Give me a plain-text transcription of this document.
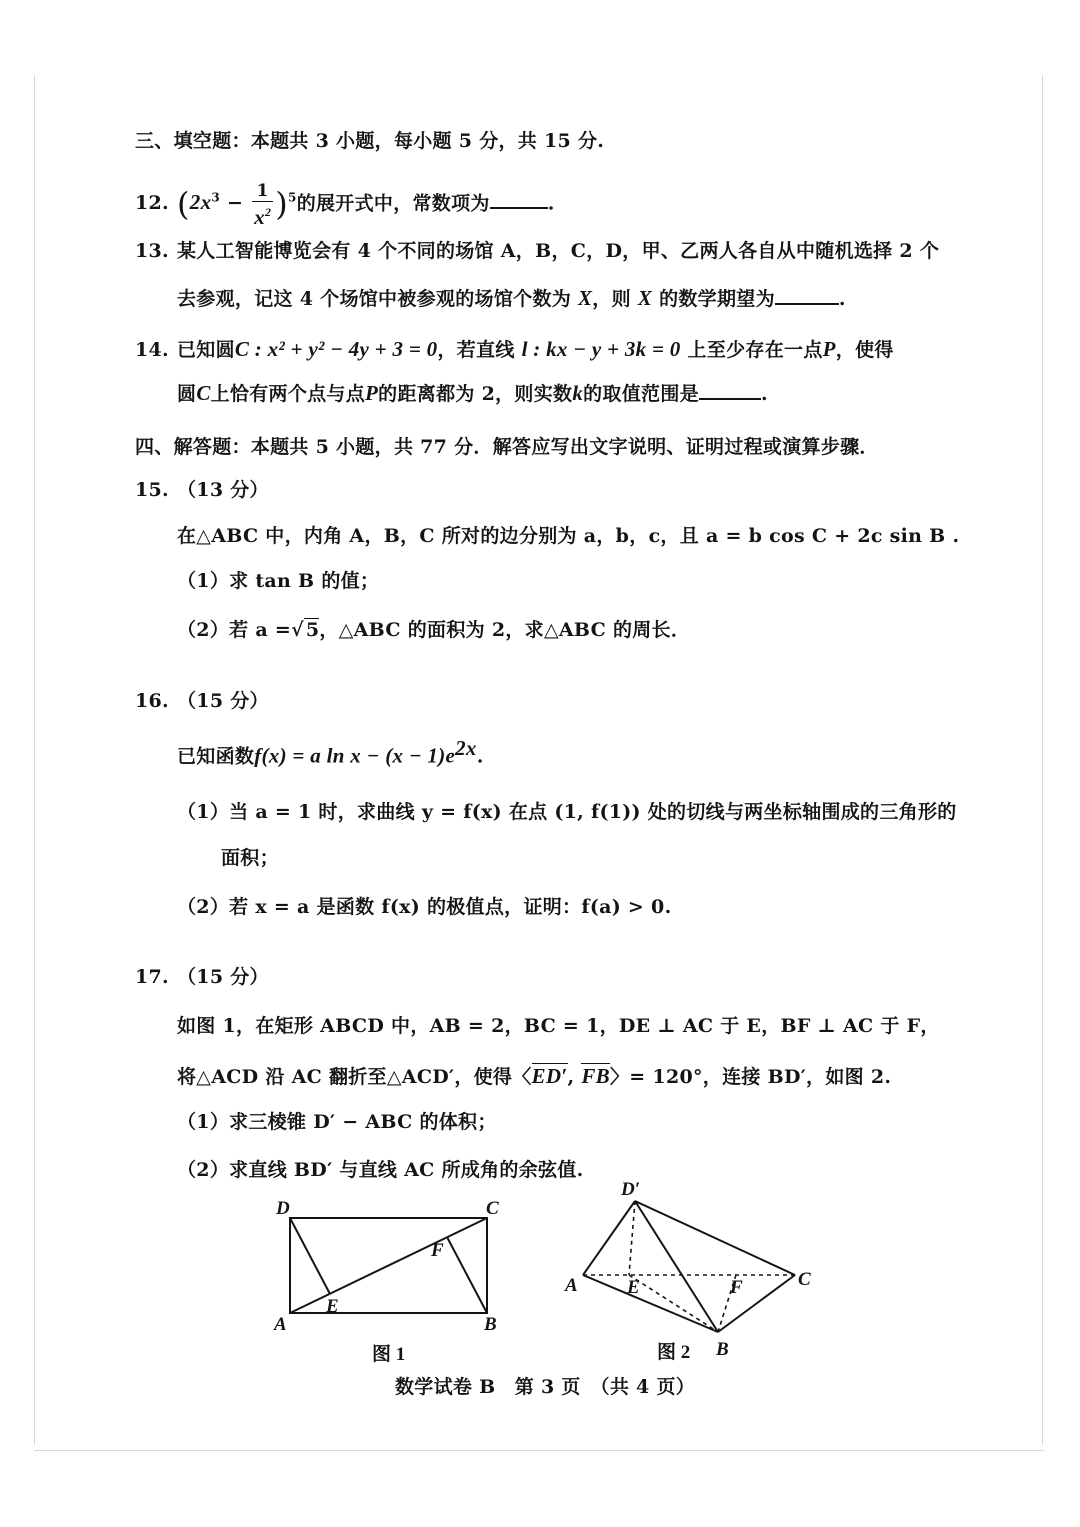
三、填空题：本题共 3 小题，每小题 5 分，共 15 分.
12. $(2x^3 - \frac{1}{x^2} )^5$的展开式中，常数项为	.
13. 某人工智能博览会有 4 个不同的场馆 A，B，C，D，甲、乙两人各自从中随机选择 2 个
去参观，记这 4 个场馆中被参观的场馆个数为 X，则 X 的数学期望为	.
14. 已知圆C : x² + y² − 4y + 3 = 0，若直线 l : kx − y + 3k = 0 上至少存在一点P，使得
圆C上恰有两个点与点P的距离都为 2，则实数k的取值范围是	.
四、解答题：本题共 5 小题，共 77 分．解答应写出文字说明、证明过程或演算步骤．
15. （13 分）
在△ABC 中，内角 A，B，C 所对的边分别为 a，b，c，且 a = b cos C + 2c sin B .
（1）求 tan B 的值；
（2）若 a =√ 5，△ABC 的面积为 2，求△ABC 的周长．
16. （15 分）
已知函数f(x) = a $\ln x - (x - 1)e^{2x}$.
（1）当 a = 1 时，求曲线 y = f(x) 在点 (1, f(1)) 处的切线与两坐标轴围成的三角形的
面积；
（2）若 x = a 是函数 f(x) 的极值点，证明：f(a) > 0.
17. （15 分）
如图 1，在矩形 ABCD 中，AB = 2，BC = 1，DE ⊥ AC 于 E，BF ⊥ AC 于 F，
将△ACD 沿 AC 翻折至△ACD′，使得〈ED′, FB〉= 120°，连接 BD′，如图 2.
（1）求三棱锥 D′ − ABC 的体积；
（2）求直线 BD′ 与直线 AC 所成角的余弦值.
D	C
A	B
E
F
图 1
D′
A	C
B
E	F
图 2
数学试卷 B　第 3 页　（共 4 页）
